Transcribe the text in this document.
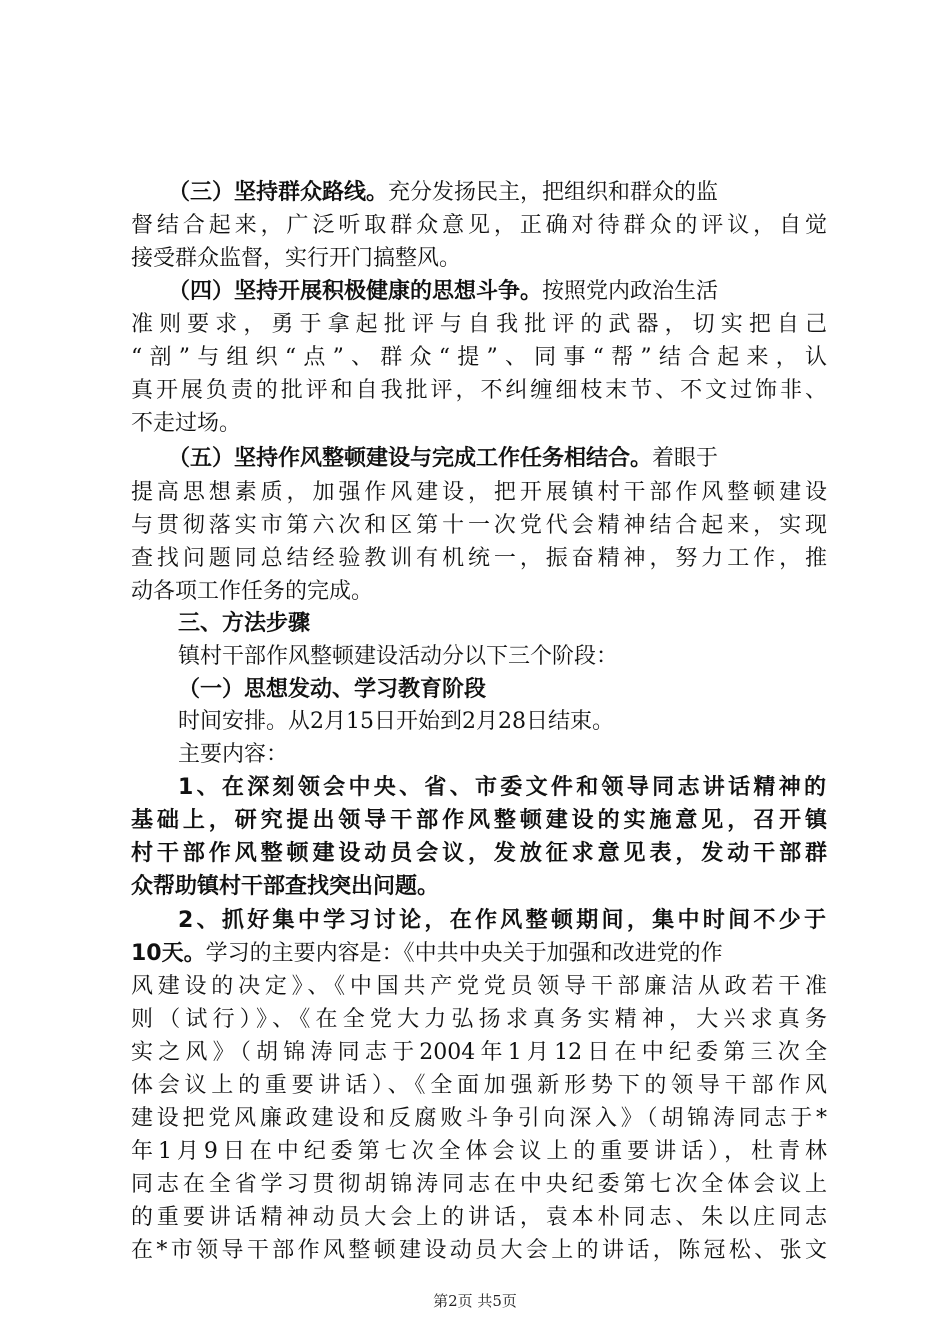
（三）坚持群众路线。充分发扬民主，把组织和群众的监
督结合起来，广泛听取群众意见，正确对待群众的评议，自觉
接受群众监督，实行开门搞整风。
（四）坚持开展积极健康的思想斗争。按照党内政治生活
准则要求，勇于拿起批评与自我批评的武器，切实把自己
“剖”与组织“点”、群众“提”、同事“帮”结合起来，认
真开展负责的批评和自我批评，不纠缠细枝末节、不文过饰非、
不走过场。
（五）坚持作风整顿建设与完成工作任务相结合。着眼于
提高思想素质，加强作风建设，把开展镇村干部作风整顿建设
与贯彻落实市第六次和区第十一次党代会精神结合起来，实现
查找问题同总结经验教训有机统一，振奋精神，努力工作，推
动各项工作任务的完成。
三、方法步骤
镇村干部作风整顿建设活动分以下三个阶段：
（一）思想发动、学习教育阶段
时间安排。从2月15日开始到2月28日结束。
主要内容：
1、在深刻领会中央、省、市委文件和领导同志讲话精神的
基础上，研究提出领导干部作风整顿建设的实施意见，召开镇
村干部作风整顿建设动员会议，发放征求意见表，发动干部群
众帮助镇村干部查找突出问题。
2、抓好集中学习讨论，在作风整顿期间，集中时间不少于
10天。学习的主要内容是：《中共中央关于加强和改进党的作
风建设的决定》、《中国共产党党员领导干部廉洁从政若干准
则（试行）》、《在全党大力弘扬求真务实精神，大兴求真务
实之风》（胡锦涛同志于2004年1月12日在中纪委第三次全
体会议上的重要讲话）、《全面加强新形势下的领导干部作风
建设把党风廉政建设和反腐败斗争引向深入》（胡锦涛同志于*
年1月9日在中纪委第七次全体会议上的重要讲话），杜青林
同志在全省学习贯彻胡锦涛同志在中央纪委第七次全体会议上
的重要讲话精神动员大会上的讲话，袁本朴同志、朱以庄同志
在*市领导干部作风整顿建设动员大会上的讲话，陈冠松、张文
第2页 共5页
